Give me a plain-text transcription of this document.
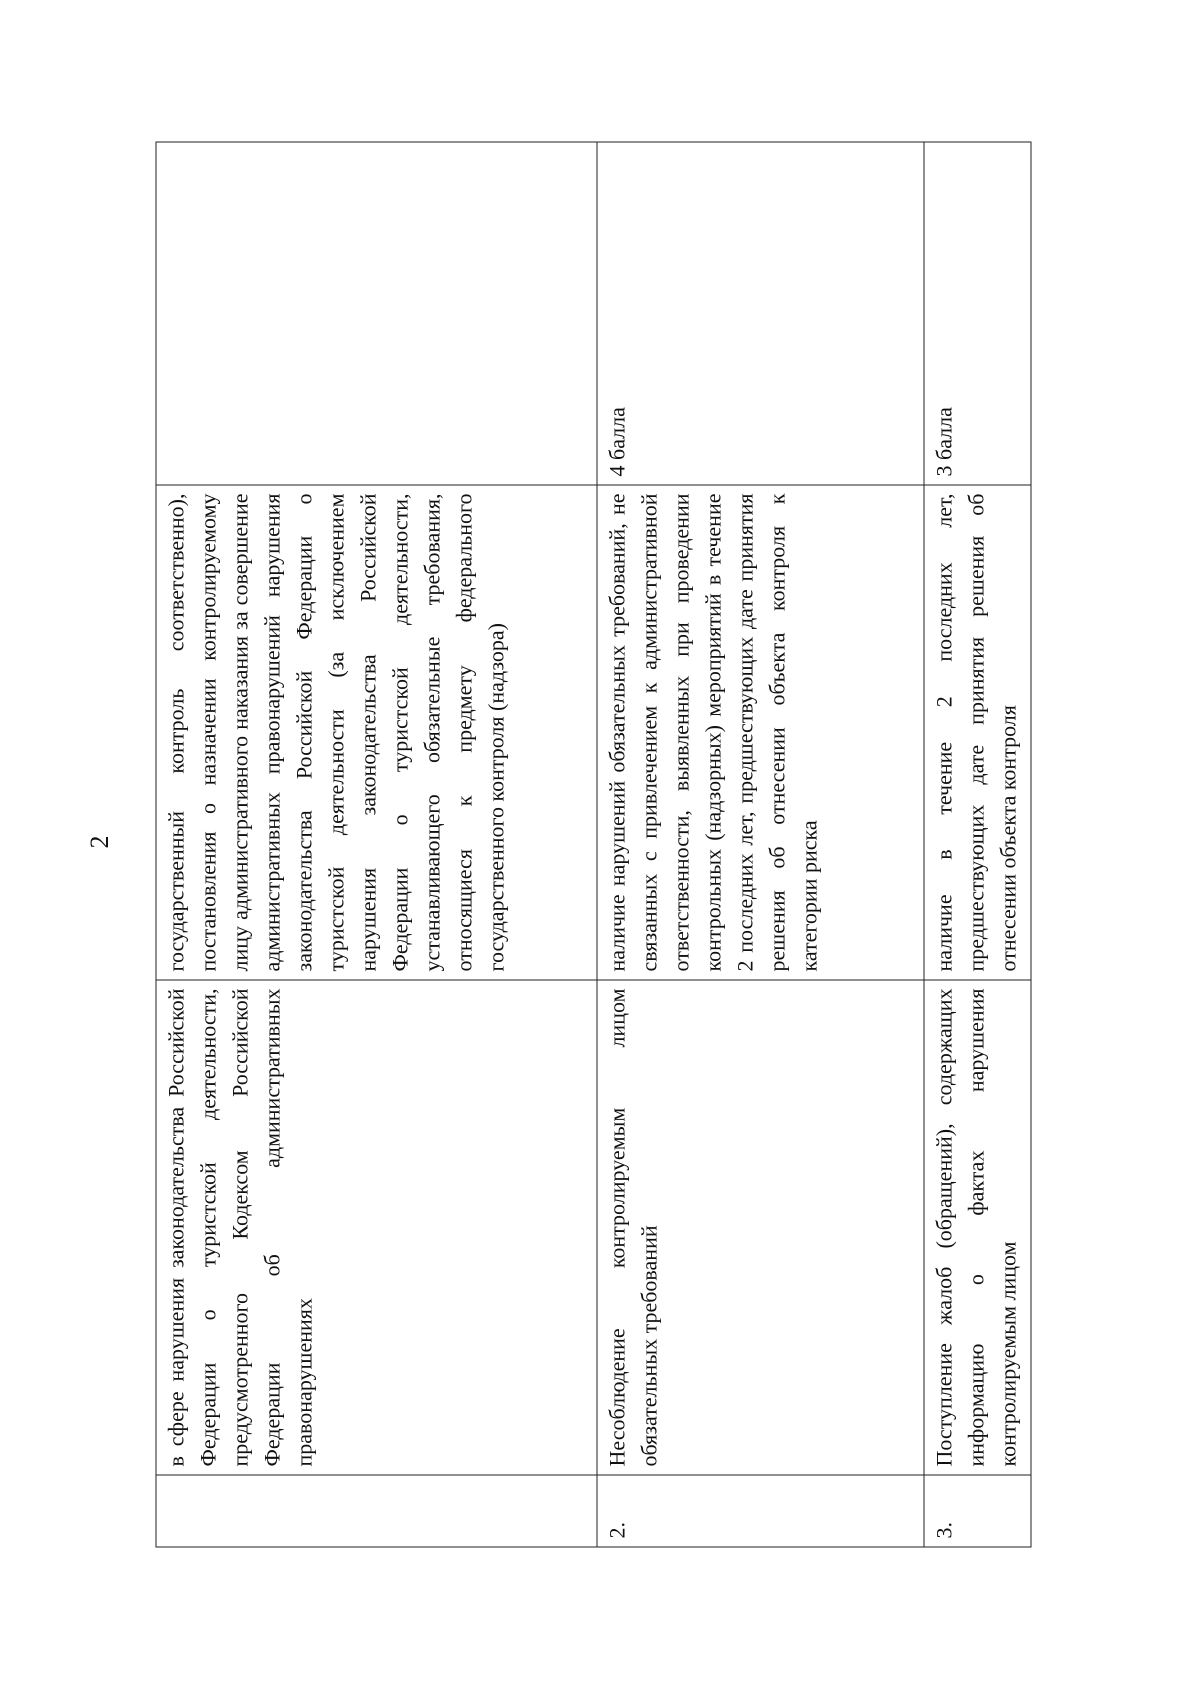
2
	в сфере нарушения законодательства Российской Федерации о туристской деятельности, предусмотренного Кодексом Российской Федерации об административных правонарушениях	государственный контроль соответственно), постановления о назначении контролируемому лицу административного наказания за совершение административных правонарушений нарушения законодательства Российской Федерации о туристской деятельности (за исключением нарушения законодательства Российской Федерации о туристской деятельности, устанавливающего обязательные требования, относящиеся к предмету федерального государственного контроля (надзора)	
2.	Несоблюдение контролируемым лицом обязательных требований	наличие нарушений обязательных требований, не связанных с привлечением к административной ответственности, выявленных при проведении контрольных (надзорных) мероприятий в течение 2 последних лет, предшествующих дате принятия решения об отнесении объекта контроля к категории риска	4 балла
3.	Поступление жалоб (обращений), содержащих информацию о фактах нарушения контролируемым лицом	наличие в течение 2 последних лет, предшествующих дате принятия решения об отнесении объекта контроля	3 балла
